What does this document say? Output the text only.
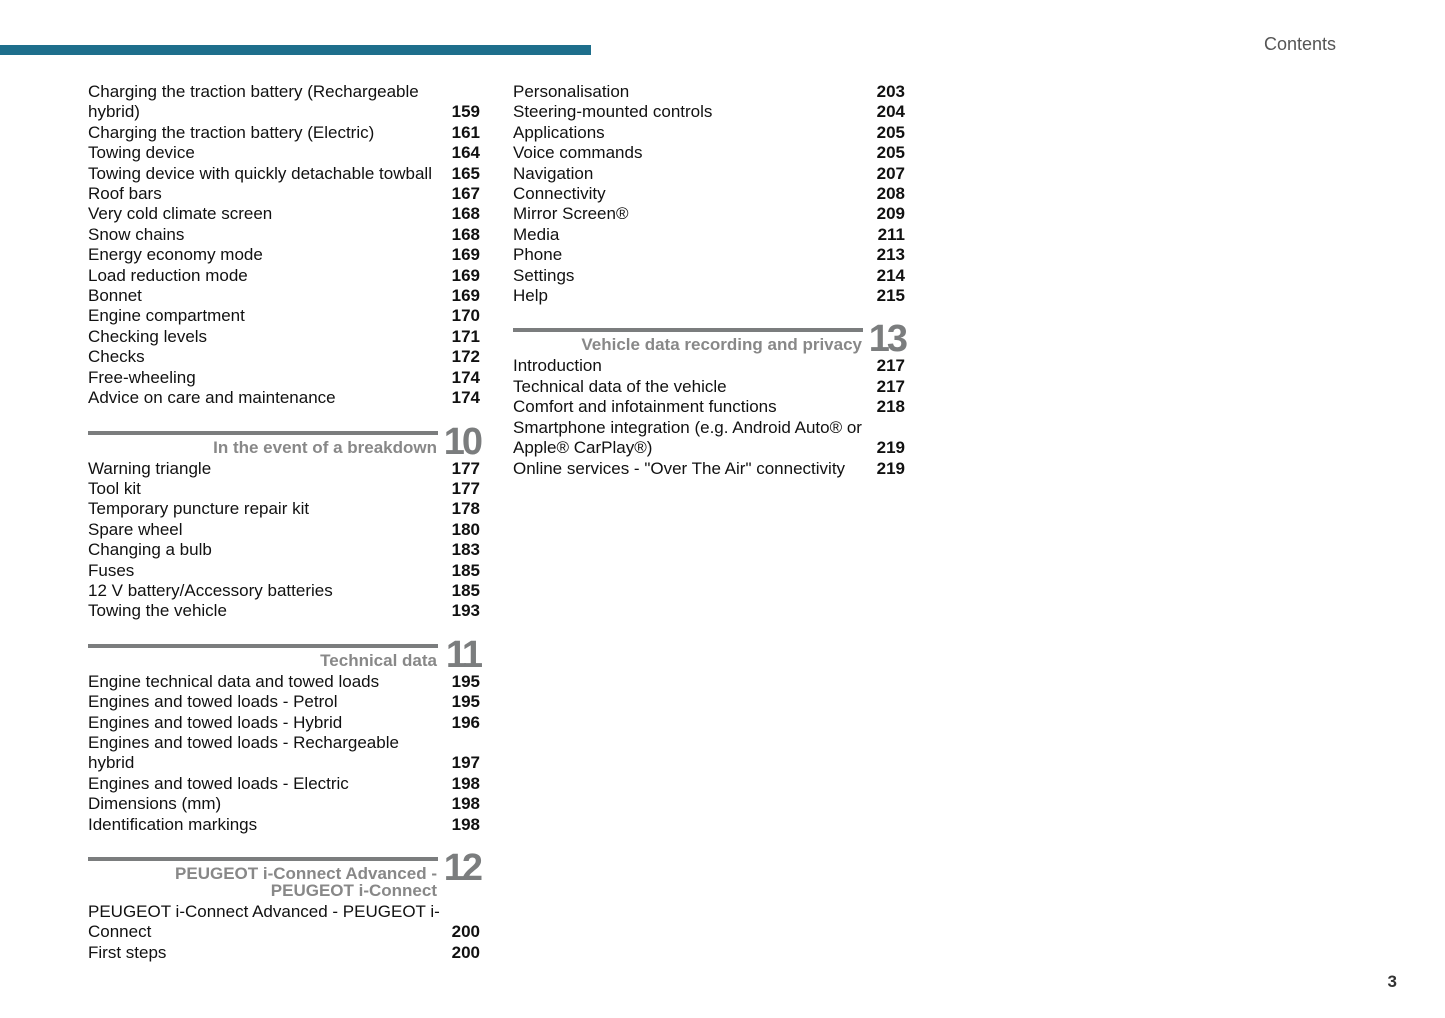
Contents
Charging the traction battery (Rechargeable hybrid)	159
Charging the traction battery (Electric)	161
Towing device	164
Towing device with quickly detachable towball	165
Roof bars	167
Very cold climate screen	168
Snow chains	168
Energy economy mode	169
Load reduction mode	169
Bonnet	169
Engine compartment	170
Checking levels	171
Checks	172
Free-wheeling	174
Advice on care and maintenance	174
10
In the event of a breakdown
Warning triangle	177
Tool kit	177
Temporary puncture repair kit	178
Spare wheel	180
Changing a bulb	183
Fuses	185
12 V battery/Accessory batteries	185
Towing the vehicle	193
11
Technical data
Engine technical data and towed loads	195
Engines and towed loads - Petrol	195
Engines and towed loads - Hybrid	196
Engines and towed loads - Rechargeable hybrid	197
Engines and towed loads - Electric	198
Dimensions (mm)	198
Identification markings	198
12
PEUGEOT i-Connect Advanced - PEUGEOT i-Connect
PEUGEOT i-Connect Advanced - PEUGEOT i-Connect	200
First steps	200
Personalisation	203
Steering-mounted controls	204
Applications	205
Voice commands	205
Navigation	207
Connectivity	208
Mirror Screen®	209
Media	211
Phone	213
Settings	214
Help	215
13
Vehicle data recording and privacy
Introduction	217
Technical data of the vehicle	217
Comfort and infotainment functions	218
Smartphone integration (e.g. Android Auto® or Apple® CarPlay®)	219
Online services - "Over The Air" connectivity	219
3
